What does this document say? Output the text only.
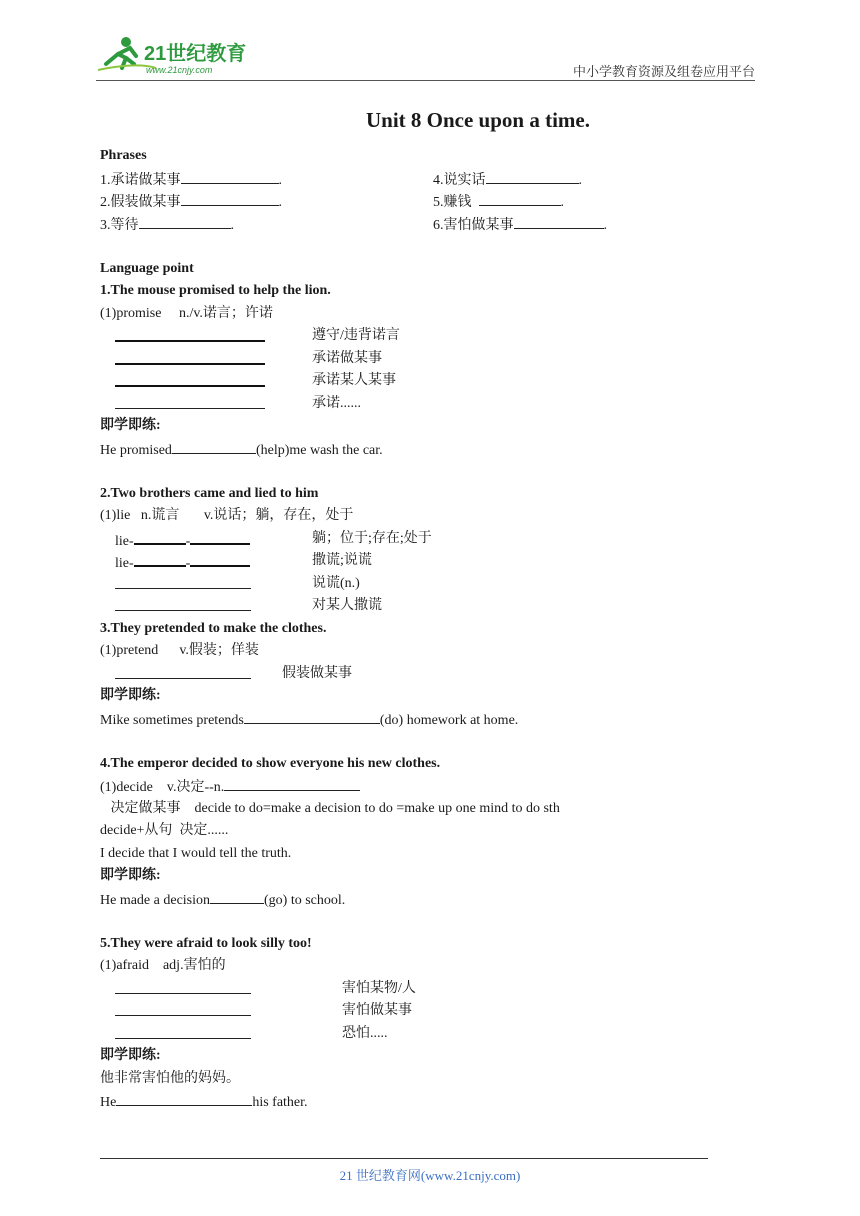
21世纪教育
www.21cnjy.com	中小学教育资源及组卷应用平台
Unit 8 Once upon a time.
Phrases
1.承诺做某事	.	4.说实话	.
2.假装做某事	.	5.赚钱	.
3.等待	.	6.害怕做某事	.
Language point
1.The mouse promised to help the lion.
(1)promise n./v.诺言；许诺
遵守/违背诺言
承诺做某事
承诺某人某事
承诺......
即学即练:
He promised	(help)me wash the car.
2.Two brothers came and lied to him
(1)lie n.谎言 v.说话；躺，存在，处于
lie-	-	躺；位于;存在;处于
lie-	-	撒谎;说谎
说谎(n.)
对某人撒谎
3.They pretended to make the clothes.
(1)pretend v.假装；佯装
假装做某事
即学即练:
Mike sometimes pretends	(do) homework at home.
4.The emperor decided to show everyone his new clothes.
(1)decide v.决定--n.
决定做某事 decide to do=make a decision to do =make up one mind to do sth
decide+从句 决定......
I decide that I would tell the truth.
即学即练:
He made a decision	(go) to school.
5.They were afraid to look silly too!
(1)afraid adj.害怕的
害怕某物/人
害怕做某事
恐怕.....
即学即练:
他非常害怕他的妈妈。
He	his father.
21 世纪教育网(www.21cnjy.com)
